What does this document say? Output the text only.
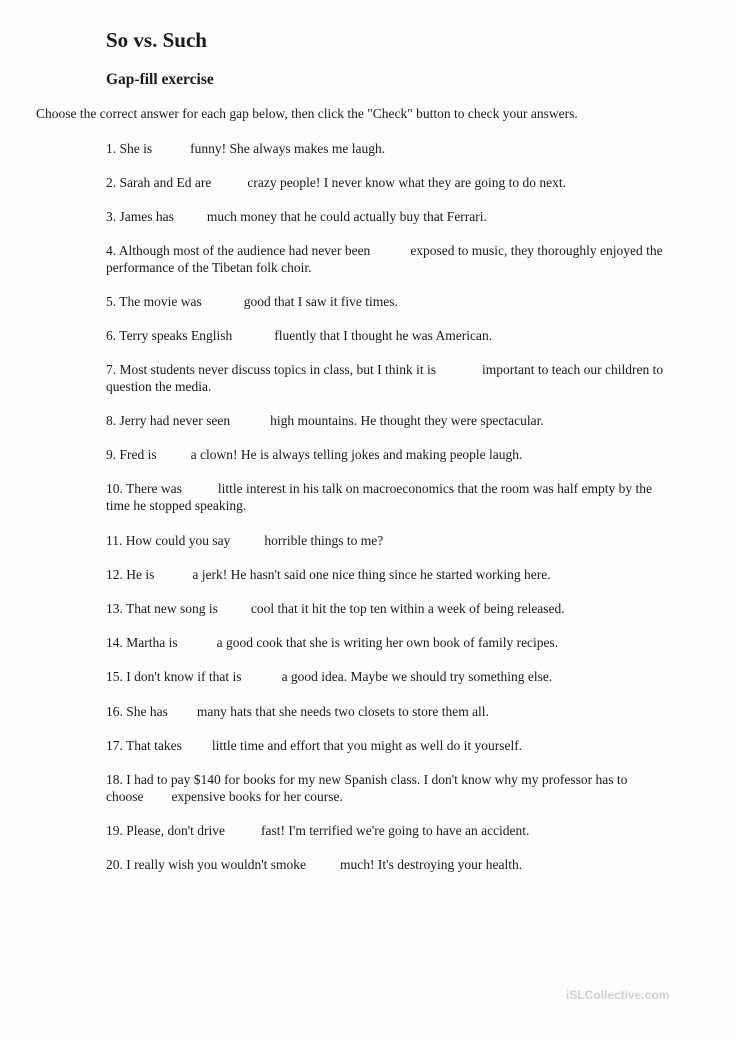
So vs. Such
Gap-fill exercise

Choose the correct answer for each gap below, then click the "Check" button to check your answers.

1. She is	funny! She always makes me laugh.

2. Sarah and Ed are	crazy people! I never know what they are going to do next.

3. James has much money that he could actually buy that Ferrari.

4. Although most of the audience had never been	exposed to music, they thoroughly enjoyed the performance of the Tibetan folk choir.

5. The movie was	good that I saw it five times.

6. Terry speaks English	fluently that I thought he was American.

7. Most students never discuss topics in class, but I think it is	important to teach our children to question the media.

8. Jerry had never seen	high mountains. He thought they were spectacular.

9. Fred is	a clown! He is always telling jokes and making people laugh.

10. There was	little interest in his talk on macroeconomics that the room was half empty by the time he stopped speaking.

11. How could you say	horrible things to me?

12. He is	a jerk! He hasn't said one nice thing since he started working here.

13. That new song is cool that it hit the top ten within a week of being released.

14. Martha is	a good cook that she is writing her own book of family recipes.

15. I don't know if that is	a good idea. Maybe we should try something else.

16. She has many hats that she needs two closets to store them all.

17. That takes little time and effort that you might as well do it yourself.

18. I had to pay $140 for books for my new Spanish class. I don't know why my professor has to choose expensive books for her course.

19. Please, don't drive	fast! I'm terrified we're going to have an accident.

20. I really wish you wouldn't smoke	much! It's destroying your health.

iSLCollective.com
